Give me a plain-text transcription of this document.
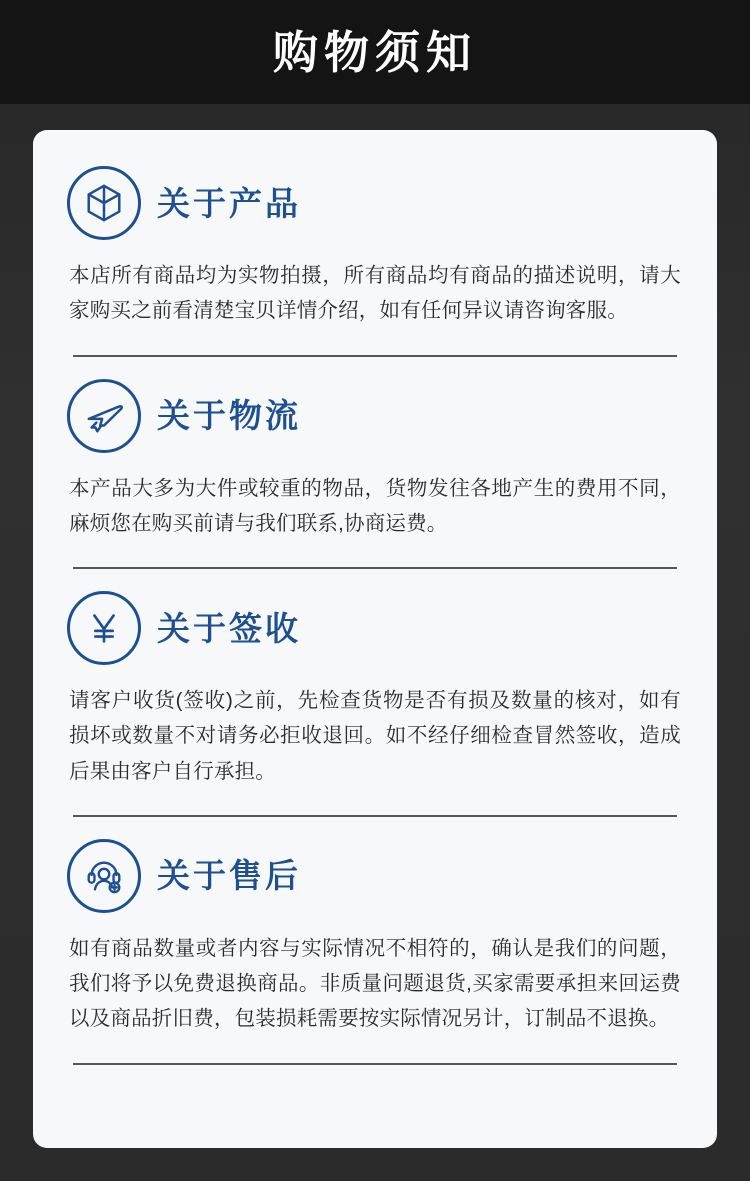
购物须知
关于产品
本店所有商品均为实物拍摄，所有商品均有商品的描述说明，请大家购买之前看清楚宝贝详情介绍，如有任何异议请咨询客服。
关于物流
本产品大多为大件或较重的物品，货物发往各地产生的费用不同，麻烦您在购买前请与我们联系,协商运费。
关于签收
请客户收货(签收)之前，先检查货物是否有损及数量的核对，如有损坏或数量不对请务必拒收退回。如不经仔细检查冒然签收，造成后果由客户自行承担。
关于售后
如有商品数量或者内容与实际情况不相符的，确认是我们的问题，我们将予以免费退换商品。非质量问题退货,买家需要承担来回运费以及商品折旧费，包装损耗需要按实际情况另计，订制品不退换。
